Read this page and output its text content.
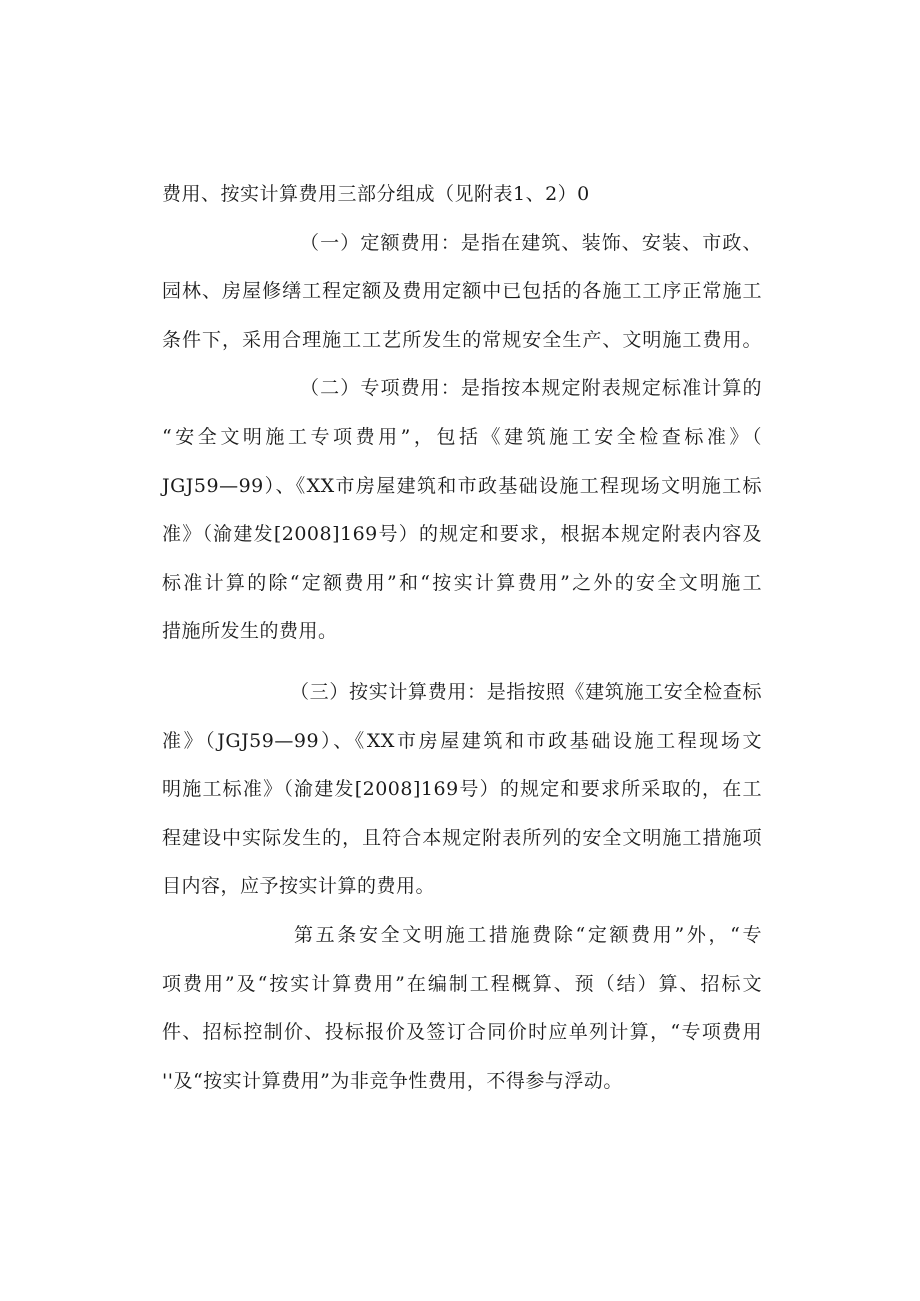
费用、按实计算费用三部分组成（见附表1、2）0
（一）定额费用：是指在建筑、装饰、安装、市政、
园林、房屋修缮工程定额及费用定额中已包括的各施工工序正常施工
条件下，采用合理施工工艺所发生的常规安全生产、文明施工费用。
（二）专项费用：是指按本规定附表规定标准计算的
“安全文明施工专项费用”，包括《建筑施工安全检查标准》（
JGJ59—99）、《XX市房屋建筑和市政基础设施工程现场文明施工标
准》（渝建发[2008]169号）的规定和要求，根据本规定附表内容及
标准计算的除“定额费用”和“按实计算费用”之外的安全文明施工
措施所发生的费用。
（三）按实计算费用：是指按照《建筑施工安全检查标
准》（JGJ59—99）、《XX市房屋建筑和市政基础设施工程现场文
明施工标准》（渝建发[2008]169号）的规定和要求所采取的，在工
程建设中实际发生的，且符合本规定附表所列的安全文明施工措施项
目内容，应予按实计算的费用。
第五条安全文明施工措施费除“定额费用”外，“专
项费用”及“按实计算费用”在编制工程概算、预（结）算、招标文
件、招标控制价、投标报价及签订合同价时应单列计算，“专项费用
''及“按实计算费用”为非竞争性费用，不得参与浮动。
